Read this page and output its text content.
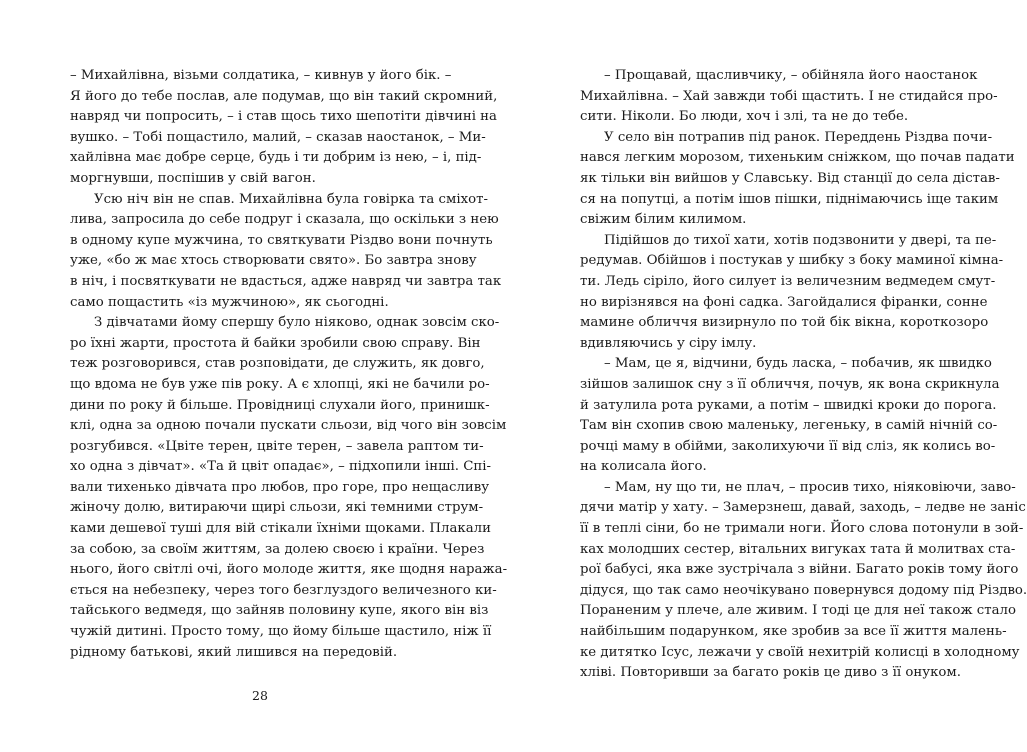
– Михайлівна, візьми солдатика, – кивнув у його бік. –
Я його до тебе послав, але подумав, що він такий скромний,
навряд чи попросить, – і став щось тихо шепотіти дівчині на
вушко. – Тобі пощастило, малий, – сказав наостанок, – Ми-
хайлівна має добре серце, будь і ти добрим із нею, – і, під-
моргнувши, поспішив у свій вагон.
Усю ніч він не спав. Михайлівна була говірка та сміхот-
лива, запросила до себе подруг і сказала, що оскільки з нею
в одному купе мужчина, то святкувати Різдво вони почнуть
уже, «бо ж має хтось створювати свято». Бо завтра знову
в ніч, і посвяткувати не вдасться, адже навряд чи завтра так
само пощастить «із мужчиною», як сьогодні.
З дівчатами йому спершу було ніяково, однак зовсім ско-
ро їхні жарти, простота й байки зробили свою справу. Він
теж розговорився, став розповідати, де служить, як довго,
що вдома не був уже пів року. А є хлопці, які не бачили ро-
дини по року й більше. Провідниці слухали його, принишк-
клі, одна за одною почали пускати сльози, від чого він зовсім
розгубився. «Цвіте терен, цвіте терен, – завела раптом ти-
хо одна з дівчат». «Та й цвіт опадає», – підхопили інші. Спі-
вали тихенько дівчата про любов, про горе, про нещасливу
жіночу долю, витираючи щирі сльози, які темними струм-
ками дешевої туші для вій стікали їхніми щоками. Плакали
за собою, за своїм життям, за долею своєю і країни. Через
нього, його світлі очі, його молоде життя, яке щодня наража-
ється на небезпеку, через того безглуздого величезного ки-
тайського ведмедя, що зайняв половину купе, якого він віз
чужій дитині. Просто тому, що йому більше щастило, ніж її
рідному батькові, який лишився на передовій.
28
– Прощавай, щасливчику, – обійняла його наостанок
Михайлівна. – Хай завжди тобі щастить. І не стидайся про-
сити. Ніколи. Бо люди, хоч і злі, та не до тебе.
У село він потрапив під ранок. Переддень Різдва почи-
нався легким морозом, тихеньким сніжком, що почав падати
як тільки він вийшов у Славську. Від станції до села дістав-
ся на попутці, а потім ішов пішки, піднімаючись іще таким
свіжим білим килимом.
Підійшов до тихої хати, хотів подзвонити у двері, та пе-
редумав. Обійшов і постукав у шибку з боку маминої кімна-
ти. Ледь сіріло, його силует із величезним ведмедем смут-
но вирізнявся на фоні садка. Загойдалися фіранки, сонне
мамине обличчя визирнуло по той бік вікна, короткозоро
вдивляючись у сіру імлу.
– Мам, це я, відчини, будь ласка, – побачив, як швидко
зійшов залишок сну з її обличчя, почув, як вона скрикнула
й затулила рота руками, а потім – швидкі кроки до порога.
Там він схопив свою маленьку, легеньку, в самій нічній со-
рочці маму в обійми, заколихуючи її від сліз, як колись во-
на колисала його.
– Мам, ну що ти, не плач, – просив тихо, ніяковіючи, заво-
дячи матір у хату. – Замерзнеш, давай, заходь, – ледве не заніс
її в теплі сіни, бо не тримали ноги. Його слова потонули в зой-
ках молодших сестер, вітальних вигуках тата й молитвах ста-
рої бабусі, яка вже зустрічала з війни. Багато років тому його
дідуся, що так само неочікувано повернувся додому під Різдво.
Пораненим у плече, але живим. І тоді це для неї також стало
найбільшим подарунком, яке зробив за все її життя малень-
ке дитятко Ісус, лежачи у своїй нехитрій колисці в холодному
хліві. Повторивши за багато років це диво з її онуком.
